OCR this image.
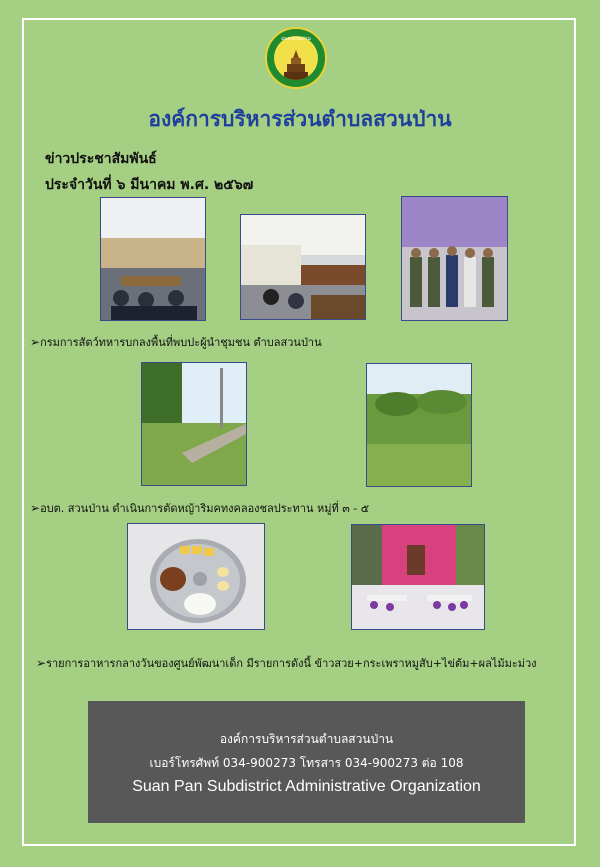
อบต.สวนป่าน
องค์การบริหารส่วนตำบลสวนป่าน
ข่าวประชาสัมพันธ์
ประจำวันที่ ๖ มีนาคม พ.ศ. ๒๕๖๗
➢กรมการสัตว์ทหารบกลงพื้นที่พบปะผู้นำชุมชน ตำบลสวนป่าน
➢อบต. สวนป่าน ดำเนินการตัดหญ้าริมคทงคลองชลประทาน หมู่ที่ ๓ - ๕
➢รายการอาหารกลางวันของศูนย์พัฒนาเด็ก มีรายการดังนี้ ข้าวสวย+กระเพราหมูสับ+ไข่ต้ม+ผลไม้มะม่วง
องค์การบริหารส่วนตำบลสวนป่าน
เบอร์โทรศัพท์ 034-900273 โทรสาร 034-900273 ต่อ 108
Suan Pan Subdistrict Administrative Organization
